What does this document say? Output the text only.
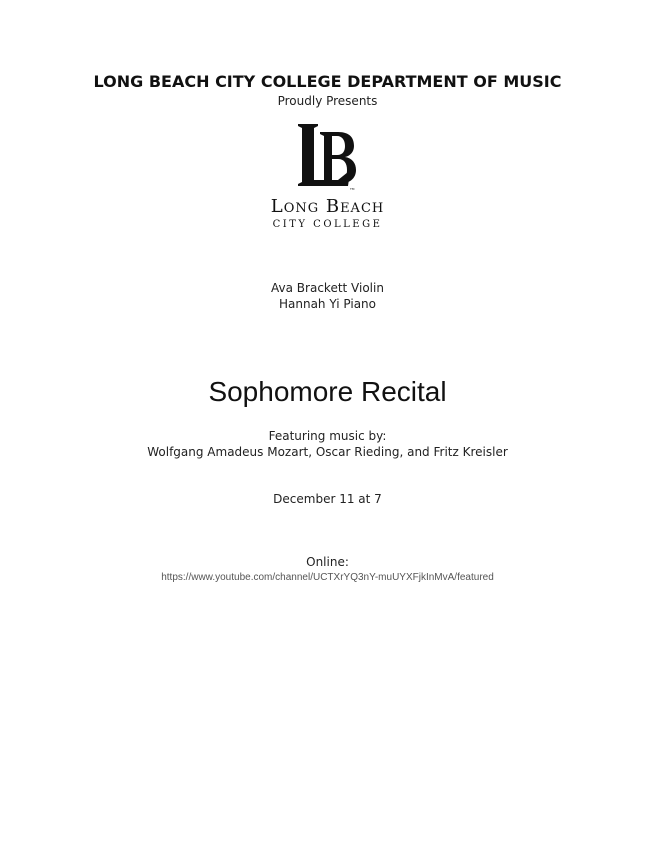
LONG BEACH CITY COLLEGE DEPARTMENT OF MUSIC
Proudly Presents
TM
Long Beach
CITY COLLEGE
Ava Brackett Violin
Hannah Yi Piano
Sophomore Recital
Featuring music by:
Wolfgang Amadeus Mozart, Oscar Rieding, and Fritz Kreisler
December 11 at 7
Online:
https://www.youtube.com/channel/UCTXrYQ3nY-muUYXFjkInMvA/featured
